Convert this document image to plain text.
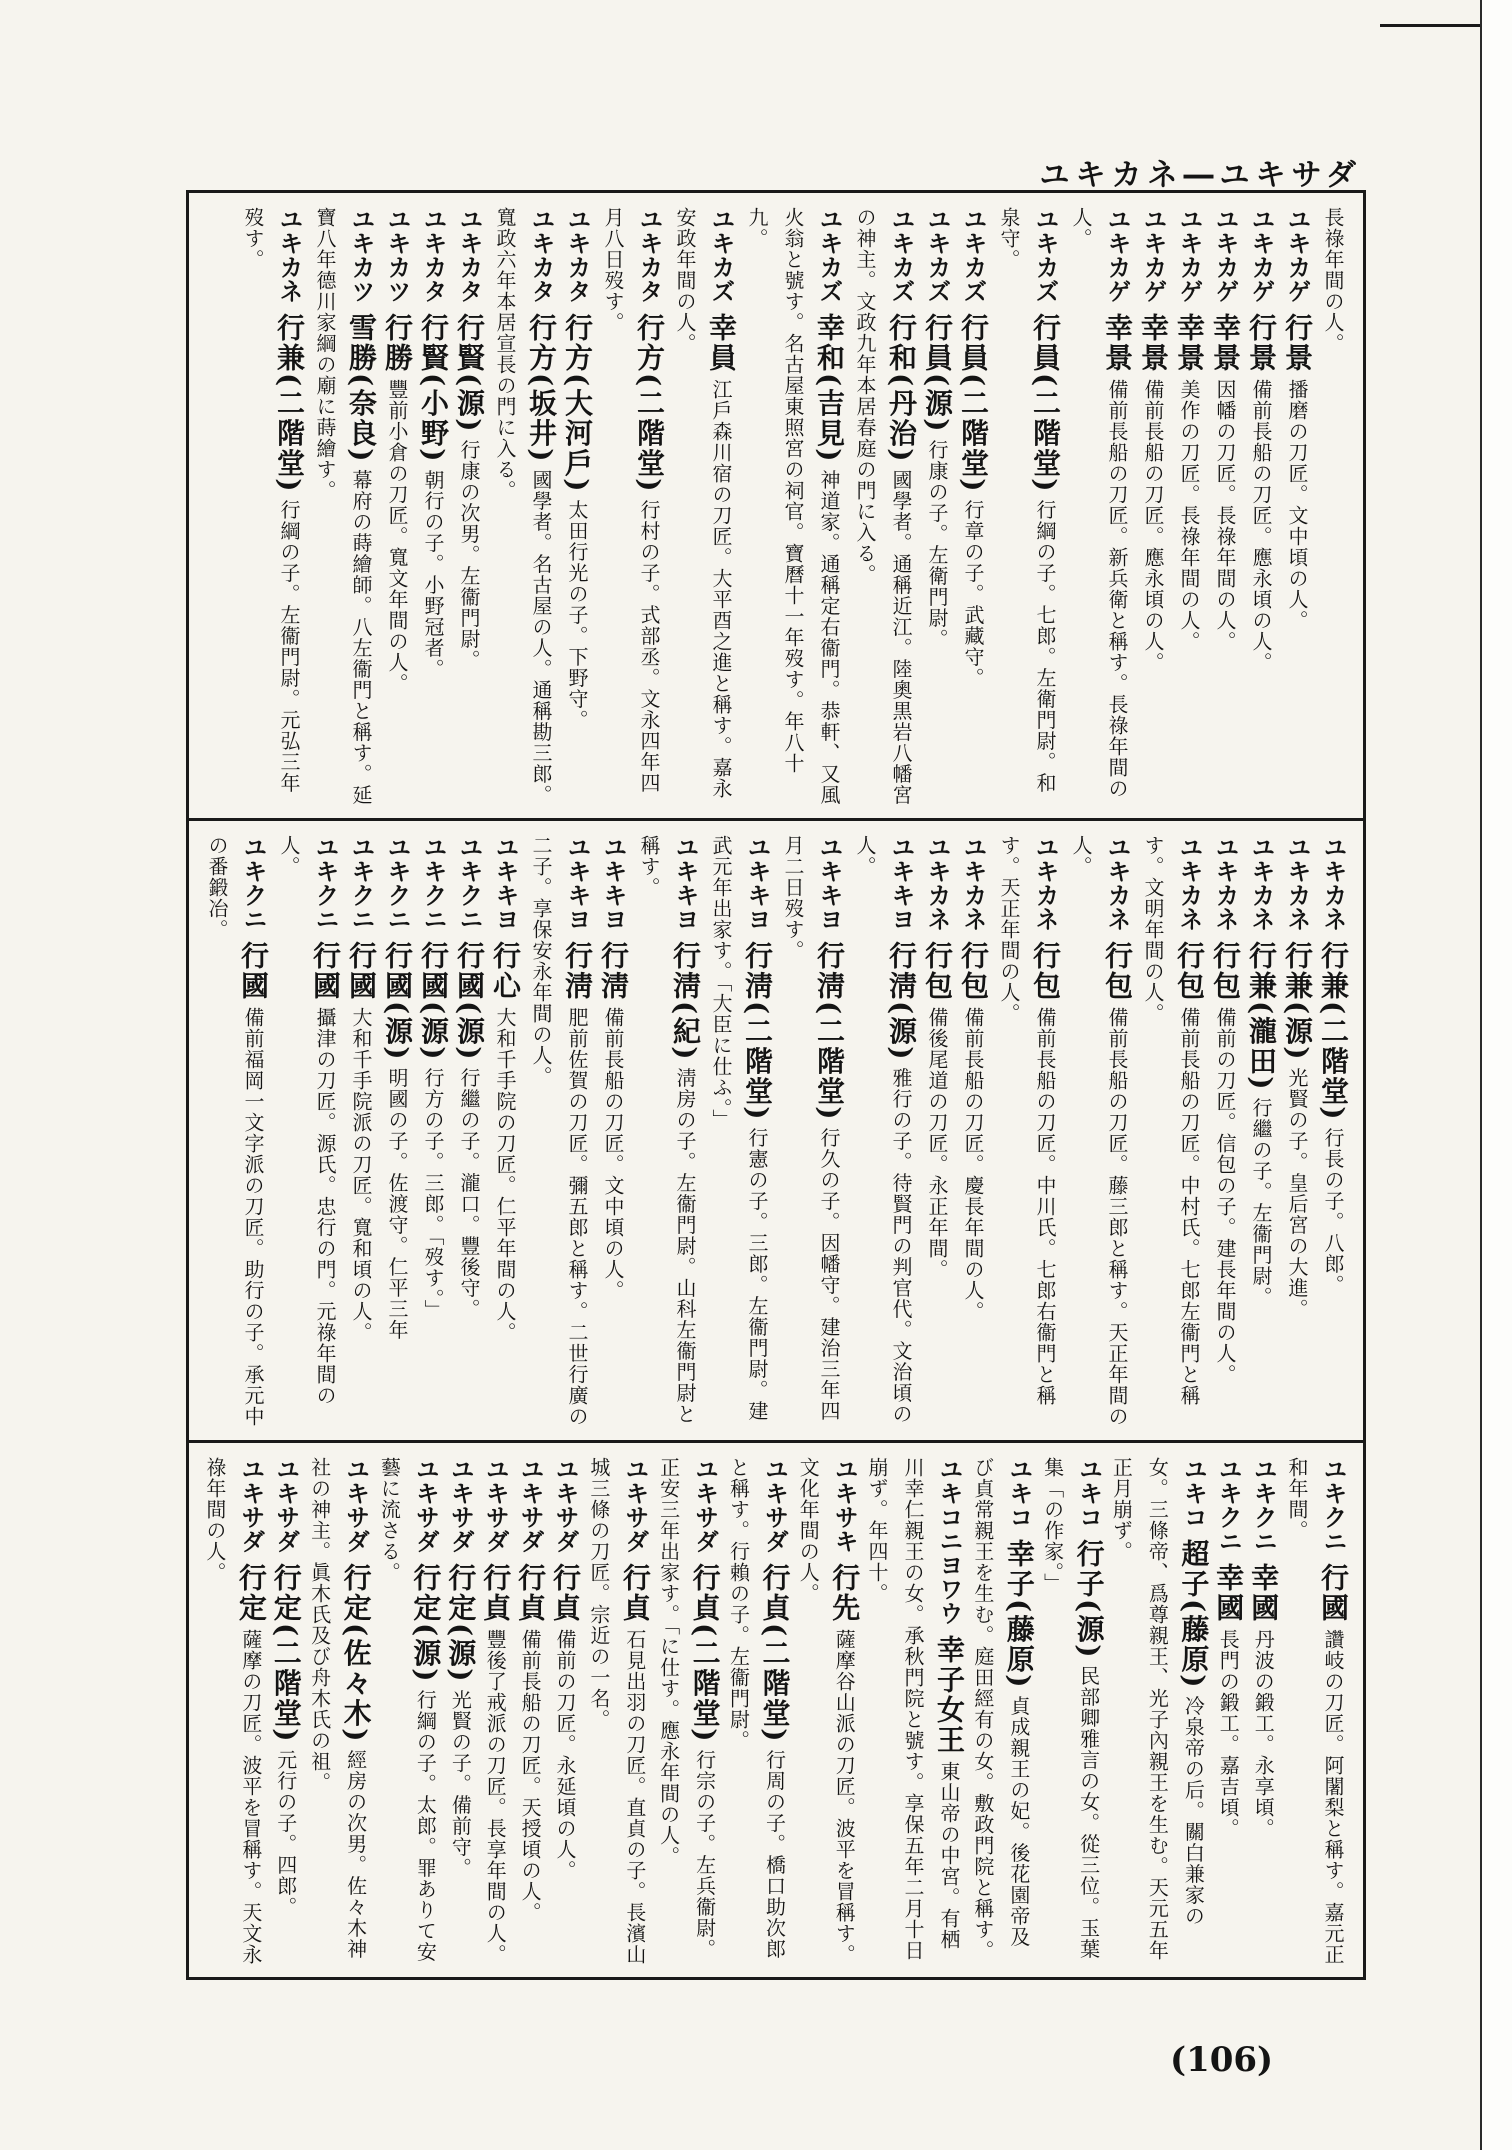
ユキカネ―ユキサダ
長祿年間の人。
ユキカゲ行景播磨の刀匠。文中頃の人。
ユキカゲ行景備前長船の刀匠。應永頃の人。
ユキカゲ幸景因幡の刀匠。長祿年間の人。
ユキカゲ幸景美作の刀匠。長祿年間の人。
ユキカゲ幸景備前長船の刀匠。應永頃の人。
ユキカゲ幸景備前長船の刀匠。新兵衛と稱す。長祿年間の人。
ユキカズ行員(二階堂)行綱の子。七郎。左衛門尉。和泉守。
ユキカズ行員(二階堂)行章の子。武藏守。
ユキカズ行員(源)行康の子。左衛門尉。
ユキカズ行和(丹治)國學者。通稱近江。陸奧黒岩八幡宮の神主。文政九年本居春庭の門に入る。
ユキカズ幸和(吉見)神道家。通稱定右衞門。恭軒、又風火翁と號す。名古屋東照宮の祠官。寶曆十一年歿す。年八十九。
ユキカズ幸員江戶森川宿の刀匠。大平酉之進と稱す。嘉永安政年間の人。
ユキカタ行方(二階堂)行村の子。式部丞。文永四年四月八日歿す。
ユキカタ行方(大河戶)太田行光の子。下野守。
ユキカタ行方(坂井)國學者。名古屋の人。通稱勘三郎。寬政六年本居宣長の門に入る。
ユキカタ行賢(源)行康の次男。左衞門尉。
ユキカタ行賢(小野)朝行の子。小野冠者。
ユキカツ行勝豐前小倉の刀匠。寬文年間の人。
ユキカツ雪勝(奈良)幕府の蒔繪師。八左衞門と稱す。延寶八年德川家綱の廟に蒔繪す。
ユキカネ行兼(二階堂)行綱の子。左衞門尉。元弘三年歿す。
ユキカネ行兼(二階堂)行長の子。八郎。
ユキカネ行兼(源)光賢の子。皇后宮の大進。
ユキカネ行兼(瀧田)行繼の子。左衞門尉。
ユキカネ行包備前の刀匠。信包の子。建長年間の人。
ユキカネ行包備前長船の刀匠。中村氏。七郎左衞門と稱す。文明年間の人。
ユキカネ行包備前長船の刀匠。藤三郎と稱す。天正年間の人。
ユキカネ行包備前長船の刀匠。中川氏。七郎右衞門と稱す。天正年間の人。
ユキカネ行包備前長船の刀匠。慶長年間の人。
ユキカネ行包備後尾道の刀匠。永正年間。
ユキキヨ行淸(源)雅行の子。待賢門の判官代。文治頃の人。
ユキキヨ行淸(二階堂)行久の子。因幡守。建治三年四月二日歿す。
ユキキヨ行淸(二階堂)行憲の子。三郎。左衞門尉。建武元年出家す。「大臣に仕ふ。」
ユキキヨ行淸(紀)淸房の子。左衞門尉。山科左衞門尉と稱す。
ユキキヨ行淸備前長船の刀匠。文中頃の人。
ユキキヨ行淸肥前佐賀の刀匠。彌五郎と稱す。二世行廣の二子。享保安永年間の人。
ユキキヨ行心大和千手院の刀匠。仁平年間の人。
ユキクニ行國(源)行繼の子。瀧口。豐後守。
ユキクニ行國(源)行方の子。三郎。「歿す。」
ユキクニ行國(源)明國の子。佐渡守。仁平三年
ユキクニ行國大和千手院派の刀匠。寬和頃の人。
ユキクニ行國攝津の刀匠。源氏。忠行の門。元祿年間の人。
ユキクニ行國備前福岡一文字派の刀匠。助行の子。承元中の番鍛冶。
ユキクニ行國讚岐の刀匠。阿闍梨と稱す。嘉元正和年間。
ユキクニ幸國丹波の鍛工。永享頃。
ユキクニ幸國長門の鍛工。嘉吉頃。
ユキコ超子(藤原)冷泉帝の后。關白兼家の女。三條帝、爲尊親王、光子內親王を生む。天元五年正月崩ず。
ユキコ行子(源)民部卿雅言の女。從三位。玉葉集「の作家。」
ユキコ幸子(藤原)貞成親王の妃。後花園帝及び貞常親王を生む。庭田經有の女。敷政門院と稱す。
ユキコニヨワウ幸子女王東山帝の中宮。有栖川幸仁親王の女。承秋門院と號す。享保五年二月十日崩ず。年四十。
ユキサキ行先薩摩谷山派の刀匠。波平を冒稱す。文化年間の人。
ユキサダ行貞(二階堂)行周の子。橋口助次郎と稱す。行賴の子。左衞門尉。
ユキサダ行貞(二階堂)行宗の子。左兵衞尉。正安三年出家す。「に仕す。應永年間の人。
ユキサダ行貞石見出羽の刀匠。直貞の子。長濱山城三條の刀匠。宗近の一名。
ユキサダ行貞備前の刀匠。永延頃の人。
ユキサダ行貞備前長船の刀匠。天授頃の人。
ユキサダ行貞豐後了戒派の刀匠。長享年間の人。
ユキサダ行定(源)光賢の子。備前守。
ユキサダ行定(源)行綱の子。太郎。罪ありて安藝に流さる。
ユキサダ行定(佐々木)經房の次男。佐々木神社の神主。眞木氏及び舟木氏の祖。
ユキサダ行定(二階堂)元行の子。四郎。
ユキサダ行定薩摩の刀匠。波平を冒稱す。天文永祿年間の人。
(106)
